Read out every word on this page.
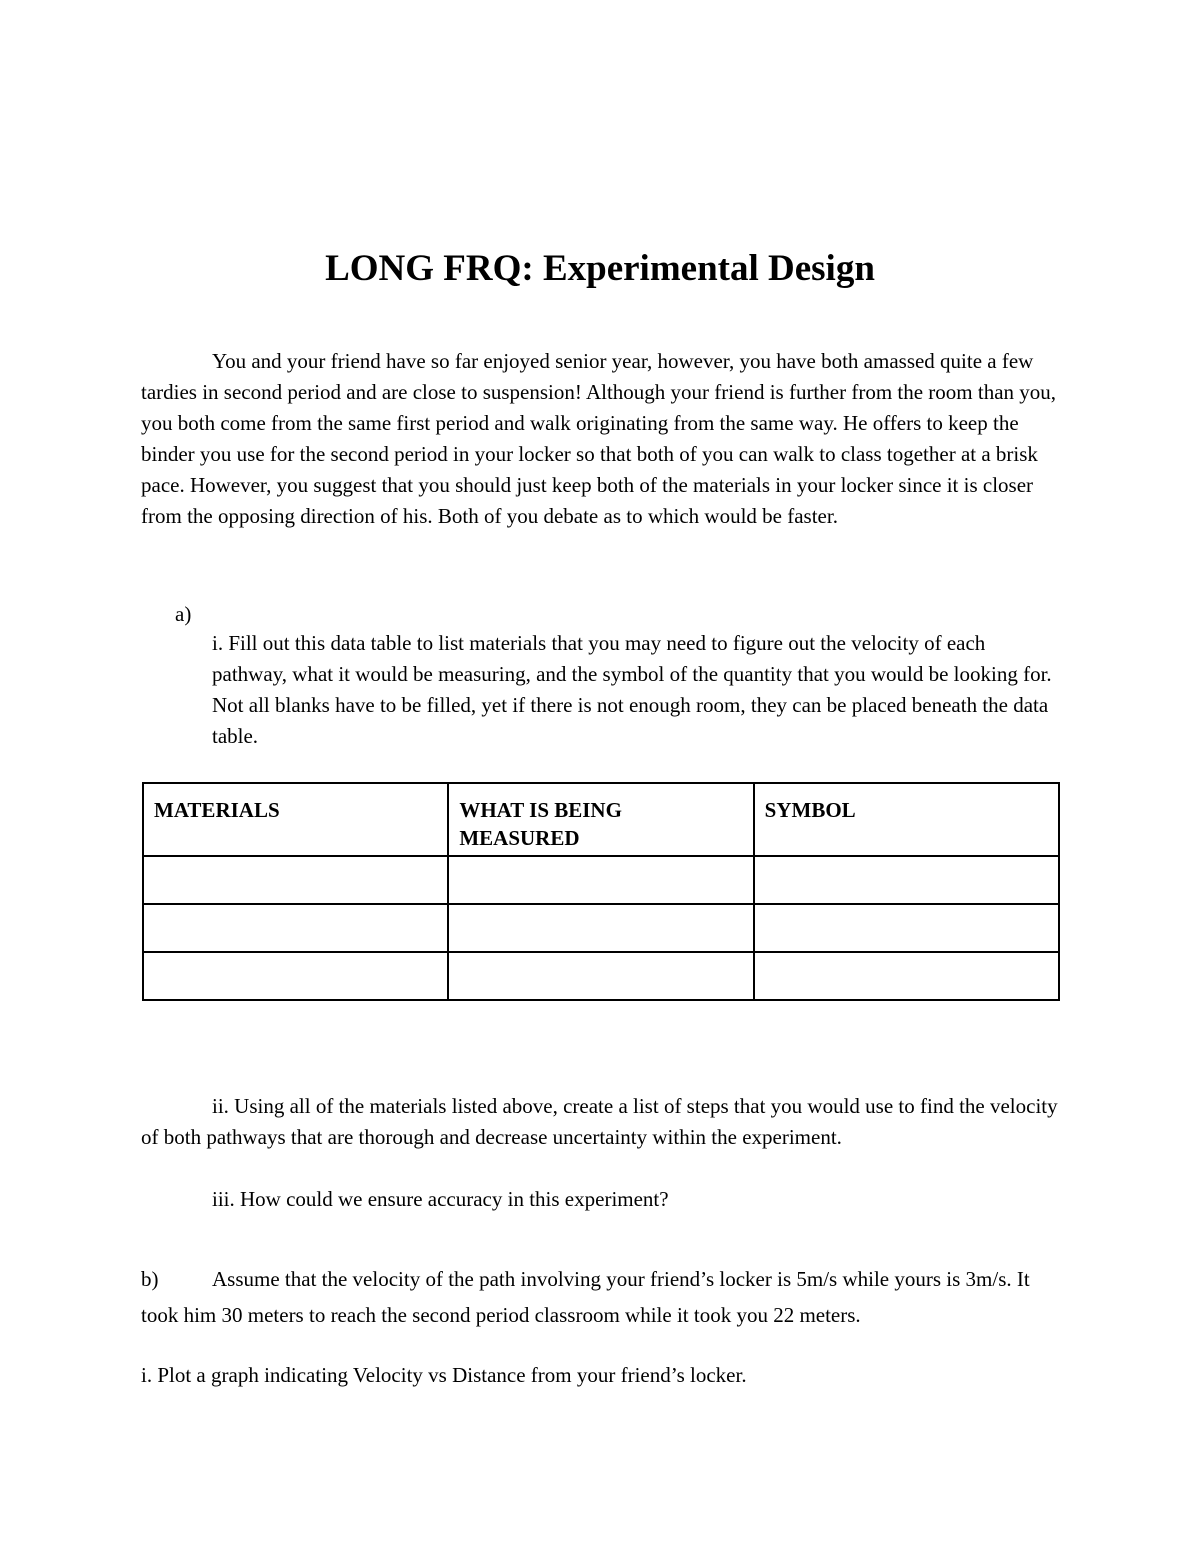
LONG FRQ: Experimental Design

You and your friend have so far enjoyed senior year, however, you have both amassed quite a few tardies in second period and are close to suspension! Although your friend is further from the room than you, you both come from the same first period and walk originating from the same way. He offers to keep the binder you use for the second period in your locker so that both of you can walk to class together at a brisk pace. However, you suggest that you should just keep both of the materials in your locker since it is closer from the opposing direction of his. Both of you debate as to which would be faster.

a)

i. Fill out this data table to list materials that you may need to figure out the velocity of each pathway, what it would be measuring, and the symbol of the quantity that you would be looking for. Not all blanks have to be filled, yet if there is not enough room, they can be placed beneath the data table.

MATERIALS	WHAT IS BEING MEASURED	SYMBOL

ii. Using all of the materials listed above, create a list of steps that you would use to find the velocity of both pathways that are thorough and decrease uncertainty within the experiment.

iii. How could we ensure accuracy in this experiment?

b)	Assume that the velocity of the path involving your friend’s locker is 5m/s while yours is 3m/s. It took him 30 meters to reach the second period classroom while it took you 22 meters.

i. Plot a graph indicating Velocity vs Distance from your friend’s locker.
